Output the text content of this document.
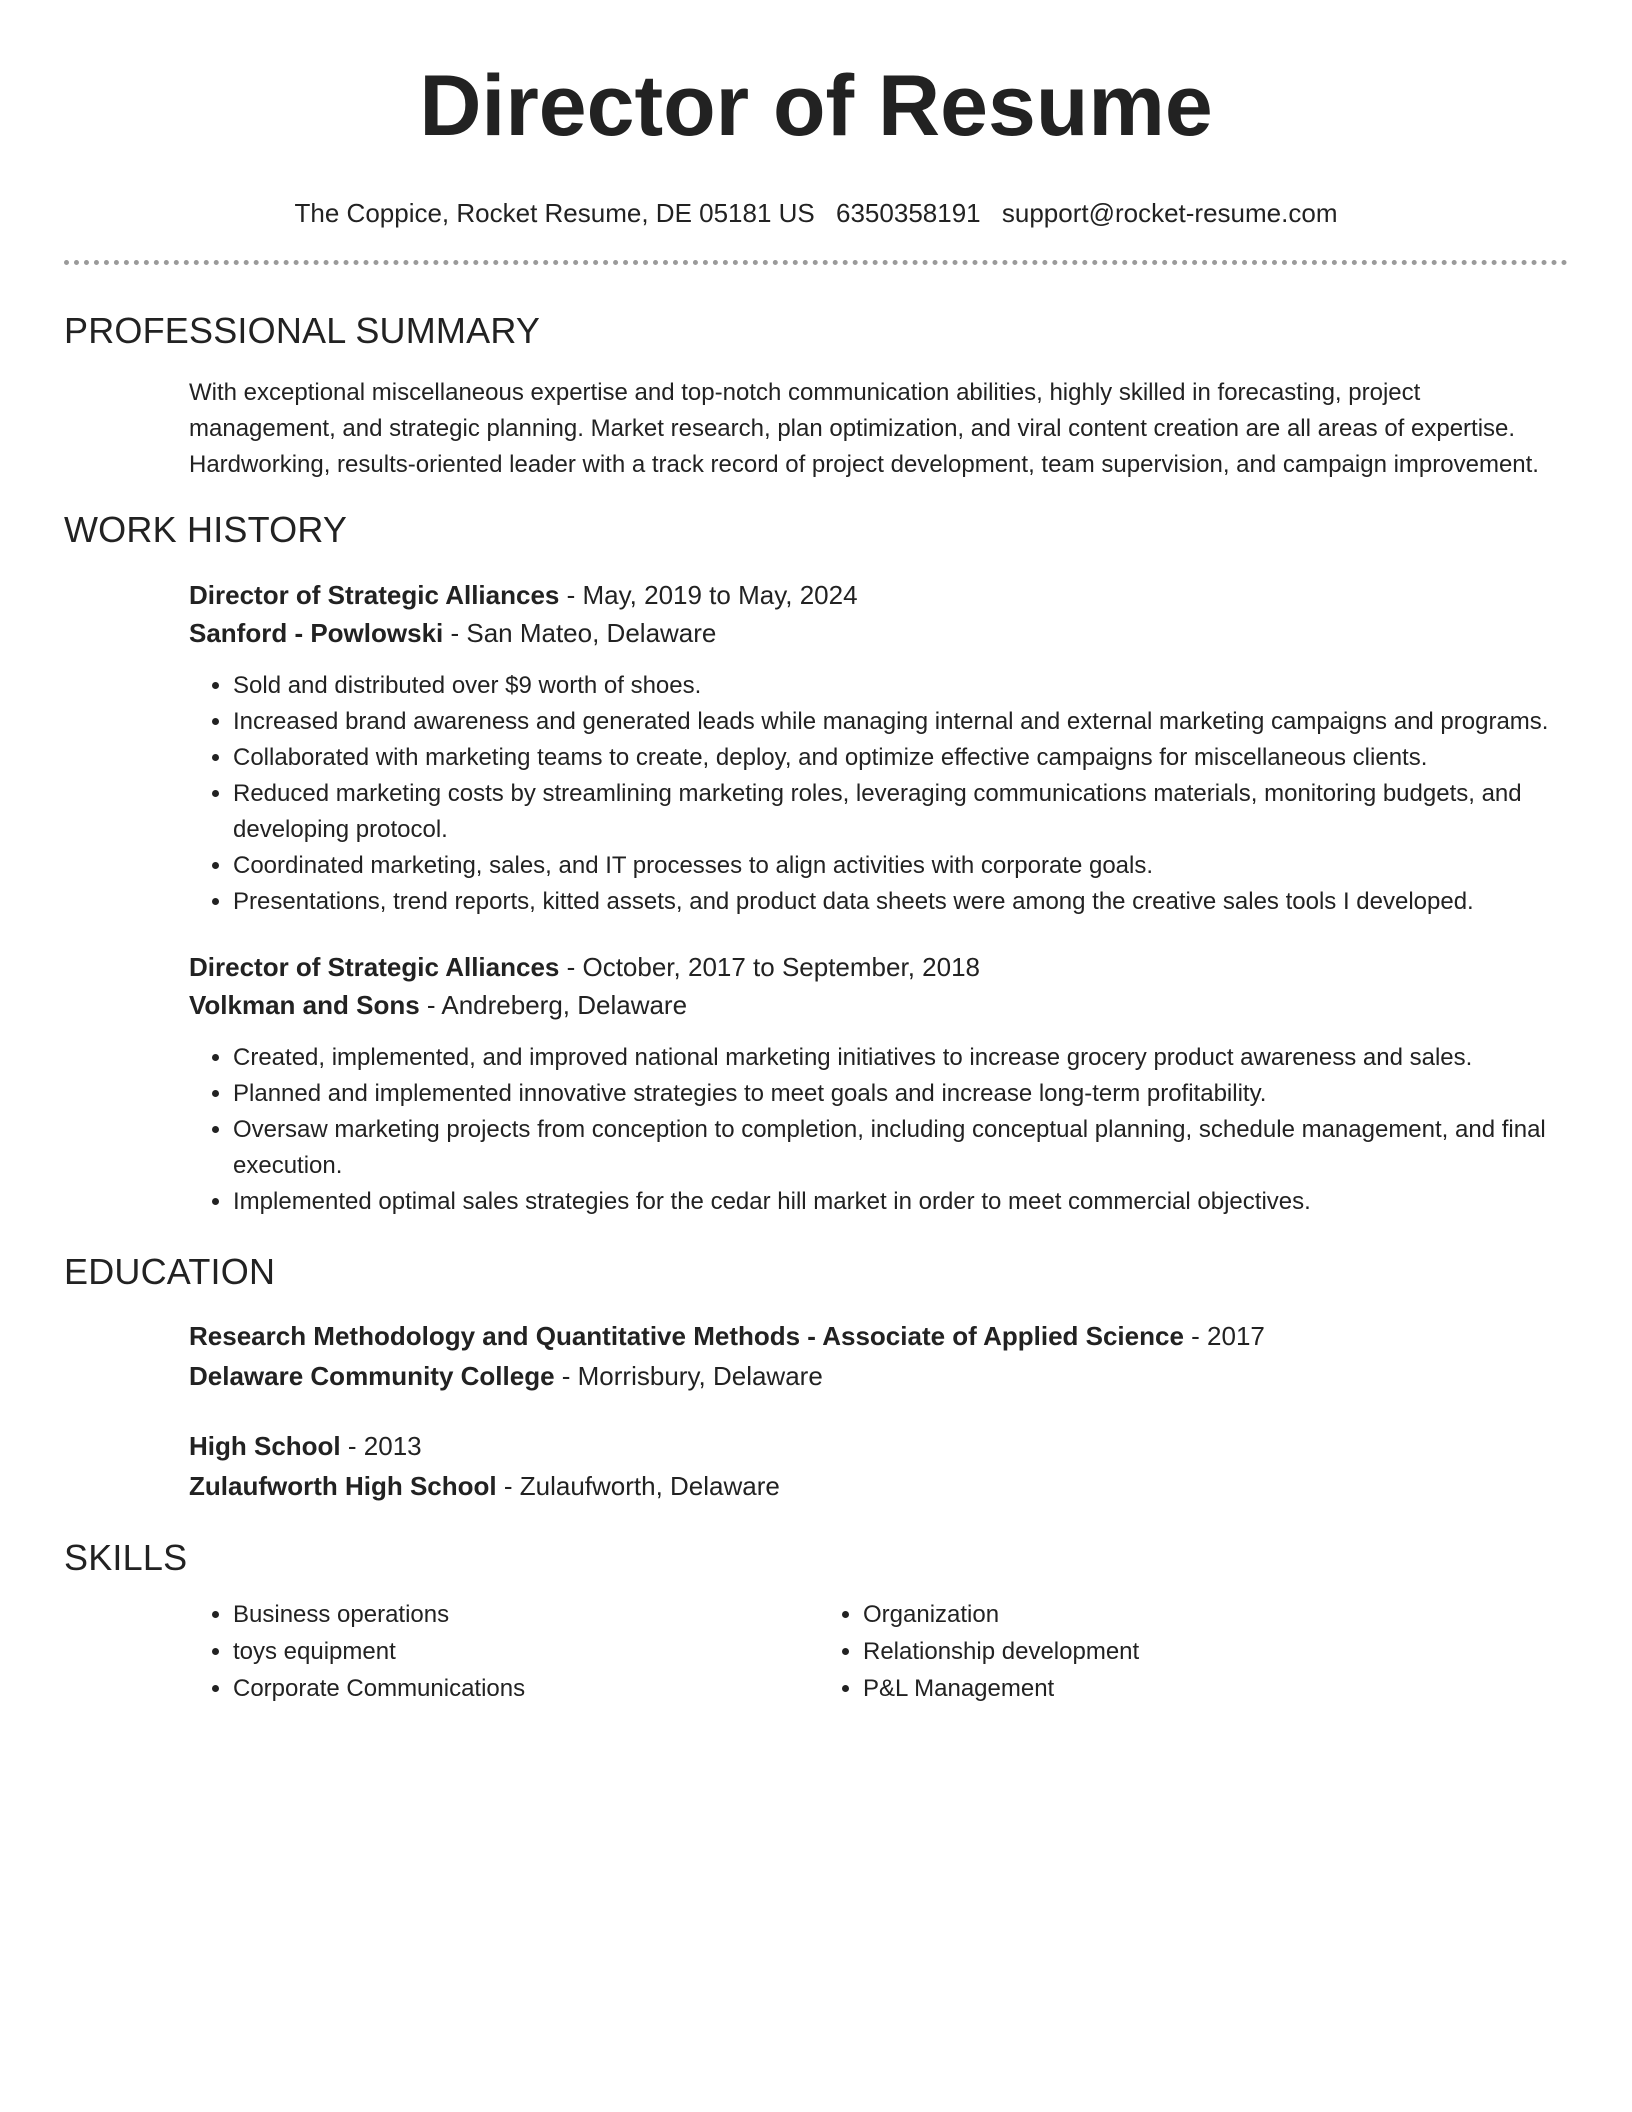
Director of Resume
The Coppice, Rocket Resume, DE 05181 US 6350358191 support@rocket-resume.com
PROFESSIONAL SUMMARY

With exceptional miscellaneous expertise and top-notch communication abilities, highly skilled in forecasting, project management, and strategic planning. Market research, plan optimization, and viral content creation are all areas of expertise. Hardworking, results-oriented leader with a track record of project development, team supervision, and campaign improvement.

WORK HISTORY
Director of Strategic Alliances - May, 2019 to May, 2024
Sanford - Powlowski - San Mateo, Delaware
• Sold and distributed over $9 worth of shoes.
• Increased brand awareness and generated leads while managing internal and external marketing campaigns and programs.
• Collaborated with marketing teams to create, deploy, and optimize effective campaigns for miscellaneous clients.
• Reduced marketing costs by streamlining marketing roles, leveraging communications materials, monitoring budgets, and developing protocol.
• Coordinated marketing, sales, and IT processes to align activities with corporate goals.
• Presentations, trend reports, kitted assets, and product data sheets were among the creative sales tools I developed.
Director of Strategic Alliances - October, 2017 to September, 2018
Volkman and Sons - Andreberg, Delaware
• Created, implemented, and improved national marketing initiatives to increase grocery product awareness and sales.
• Planned and implemented innovative strategies to meet goals and increase long-term profitability.
• Oversaw marketing projects from conception to completion, including conceptual planning, schedule management, and final execution.
• Implemented optimal sales strategies for the cedar hill market in order to meet commercial objectives.
EDUCATION
Research Methodology and Quantitative Methods - Associate of Applied Science - 2017
Delaware Community College - Morrisbury, Delaware
High School - 2013
Zulaufworth High School - Zulaufworth, Delaware
SKILLS
• Business operations
• toys equipment
• Corporate Communications
• Organization
• Relationship development
• P&L Management
